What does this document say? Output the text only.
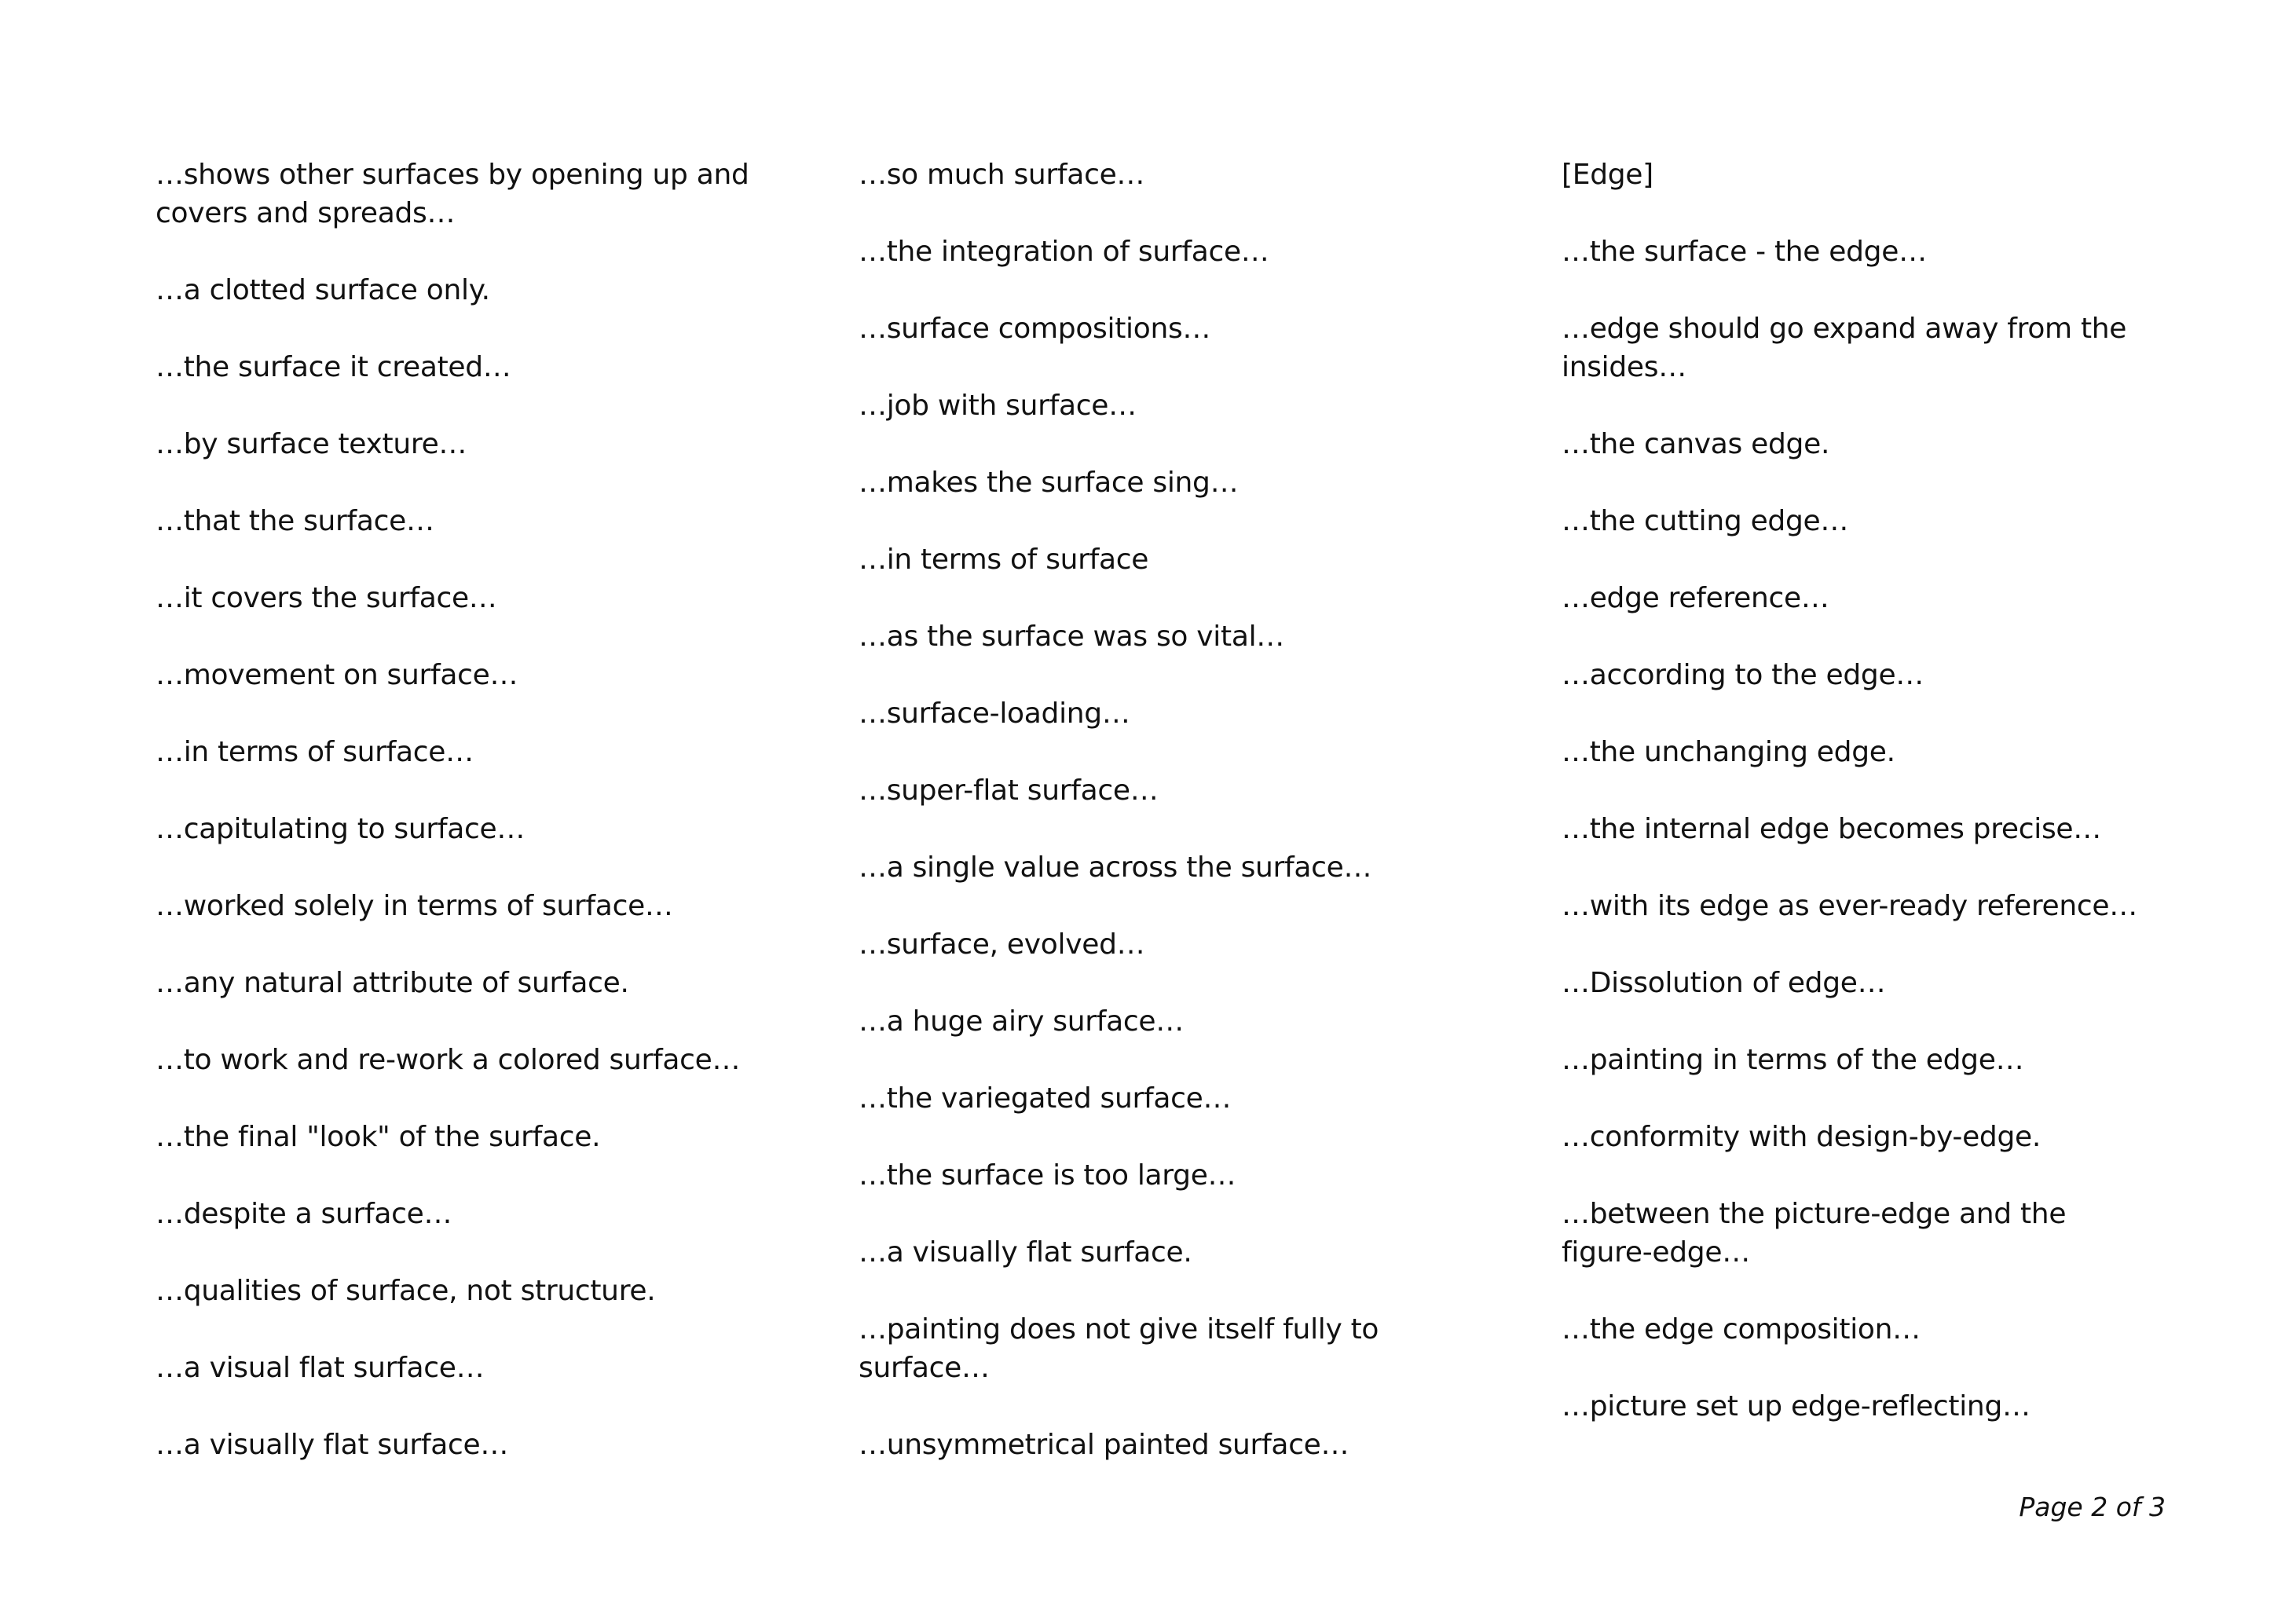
…shows other surfaces by opening up and covers and spreads…
…a clotted surface only.
…the surface it created…
…by surface texture…
…that the surface…
…it covers the surface…
…movement on surface…
…in terms of surface…
…capitulating to surface…
…worked solely in terms of surface…
…any natural attribute of surface.
…to work and re-work a colored surface…
…the final "look" of the surface.
…despite a surface…
…qualities of surface, not structure.
…a visual flat surface…
…a visually flat surface…
…so much surface…
…the integration of surface…
…surface compositions…
…job with surface…
…makes the surface sing…
…in terms of surface
…as the surface was so vital…
…surface-loading…
…super-flat surface…
…a single value across the surface…
…surface, evolved…
…a huge airy surface…
…the variegated surface…
…the surface is too large…
…a visually flat surface.
…painting does not give itself fully to surface…
…unsymmetrical painted surface…
[Edge]
…the surface - the edge…
…edge should go expand away from the insides…
…the canvas edge.
…the cutting edge…
…edge reference…
…according to the edge…
…the unchanging edge.
…the internal edge becomes precise…
…with its edge as ever-ready reference…
…Dissolution of edge…
…painting in terms of the edge…
…conformity with design-by-edge.
…between the picture-edge and the figure-edge…
…the edge composition…
…picture set up edge-reflecting…
Page 2 of 3
